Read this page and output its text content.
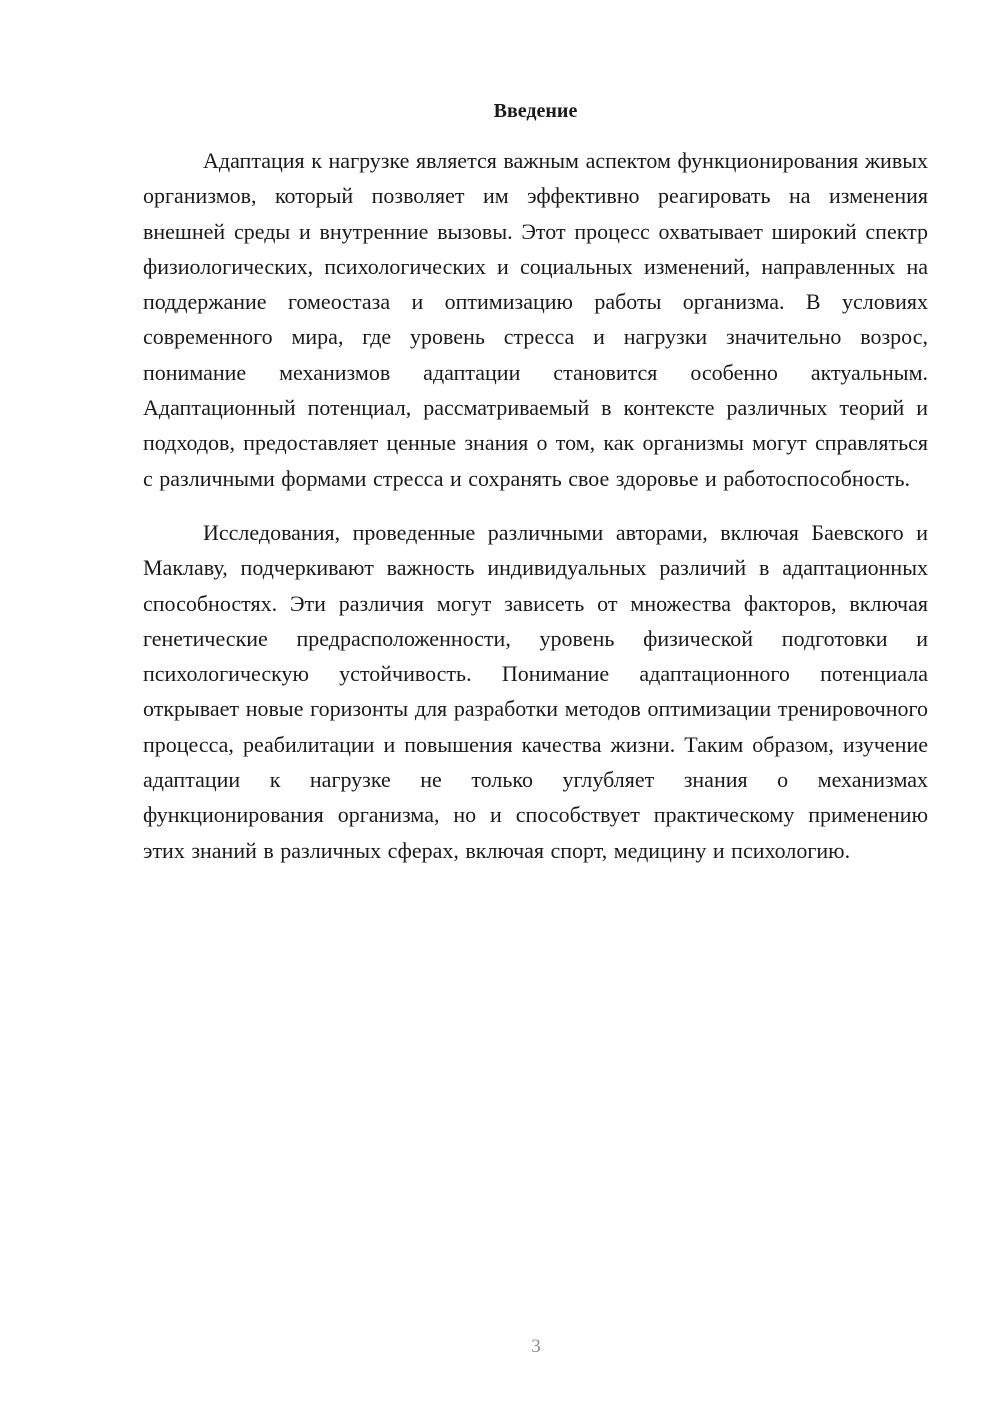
Введение

Адаптация к нагрузке является важным аспектом функционирования живых организмов, который позволяет им эффективно реагировать на изменения внешней среды и внутренние вызовы. Этот процесс охватывает широкий спектр физиологических, психологических и социальных изменений, направленных на поддержание гомеостаза и оптимизацию работы организма. В условиях современного мира, где уровень стресса и нагрузки значительно возрос, понимание механизмов адаптации становится особенно актуальным. Адаптационный потенциал, рассматриваемый в контексте различных теорий и подходов, предоставляет ценные знания о том, как организмы могут справляться с различными формами стресса и сохранять свое здоровье и работоспособность.

Исследования, проведенные различными авторами, включая Баевского и Маклаву, подчеркивают важность индивидуальных различий в адаптационных способностях. Эти различия могут зависеть от множества факторов, включая генетические предрасположенности, уровень физической подготовки и психологическую устойчивость. Понимание адаптационного потенциала открывает новые горизонты для разработки методов оптимизации тренировочного процесса, реабилитации и повышения качества жизни. Таким образом, изучение адаптации к нагрузке не только углубляет знания о механизмах функционирования организма, но и способствует практическому применению этих знаний в различных сферах, включая спорт, медицину и психологию.

3
